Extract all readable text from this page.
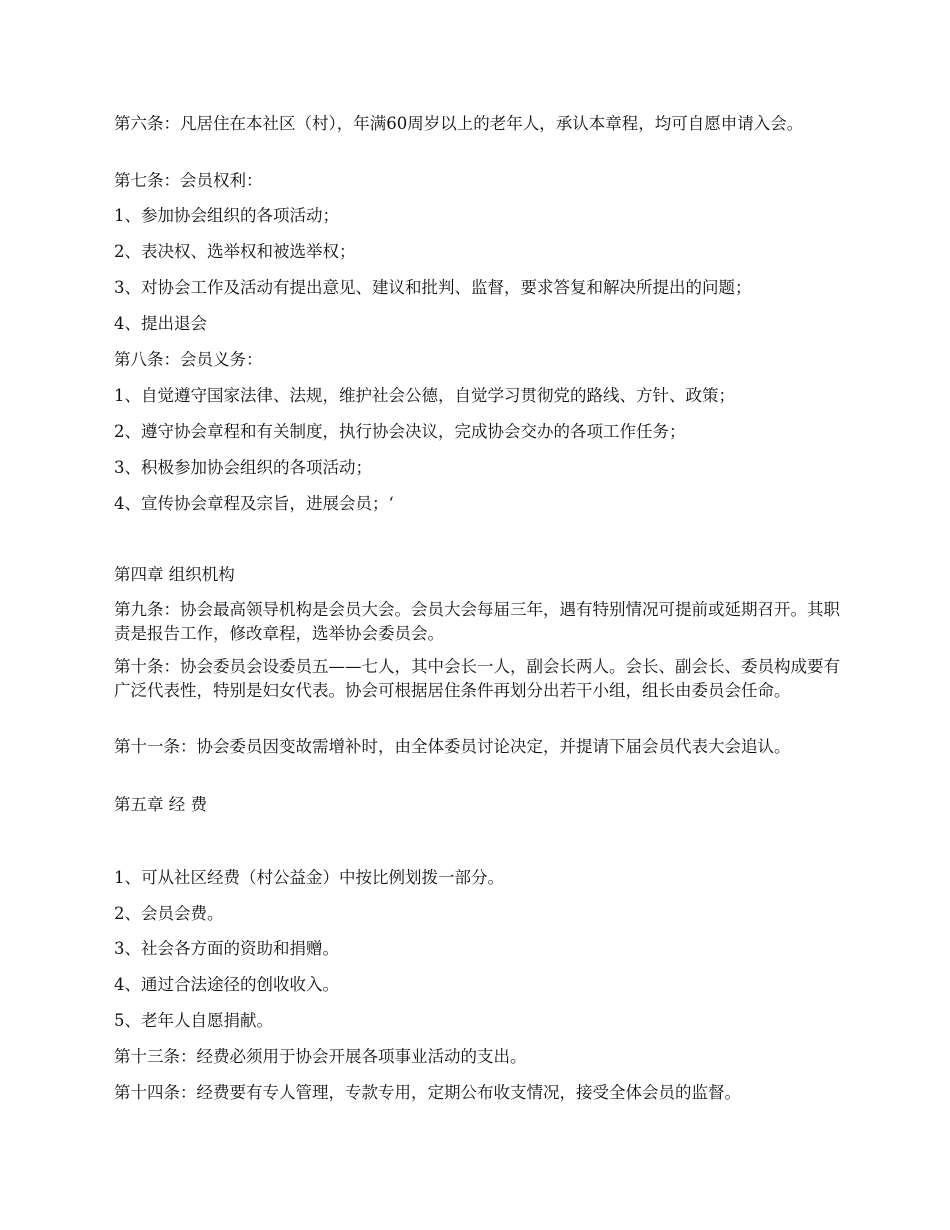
第六条：凡居住在本社区（村），年满60周岁以上的老年人，承认本章程，均可自愿申请入会。

第七条：会员权利：

1、参加协会组织的各项活动；

2、表决权、选举权和被选举权；

3、对协会工作及活动有提出意见、建议和批判、监督，要求答复和解决所提出的问题；

4、提出退会

第八条：会员义务：

1、自觉遵守国家法律、法规，维护社会公德，自觉学习贯彻党的路线、方针、政策；

2、遵守协会章程和有关制度，执行协会决议，完成协会交办的各项工作任务；

3、积极参加协会组织的各项活动；

4、宣传协会章程及宗旨，进展会员；‘

第四章 组织机构

第九条：协会最高领导机构是会员大会。会员大会每届三年，遇有特别情况可提前或延期召开。其职责是报告工作，修改章程，选举协会委员会。

第十条：协会委员会设委员五——七人，其中会长一人，副会长两人。会长、副会长、委员构成要有广泛代表性，特别是妇女代表。协会可根据居住条件再划分出若干小组，组长由委员会任命。

第十一条：协会委员因变故需增补时，由全体委员讨论决定，并提请下届会员代表大会追认。

第五章 经 费

1、可从社区经费（村公益金）中按比例划拨一部分。

2、会员会费。

3、社会各方面的资助和捐赠。

4、通过合法途径的创收收入。

5、老年人自愿捐献。

第十三条：经费必须用于协会开展各项事业活动的支出。

第十四条：经费要有专人管理，专款专用，定期公布收支情况，接受全体会员的监督。
